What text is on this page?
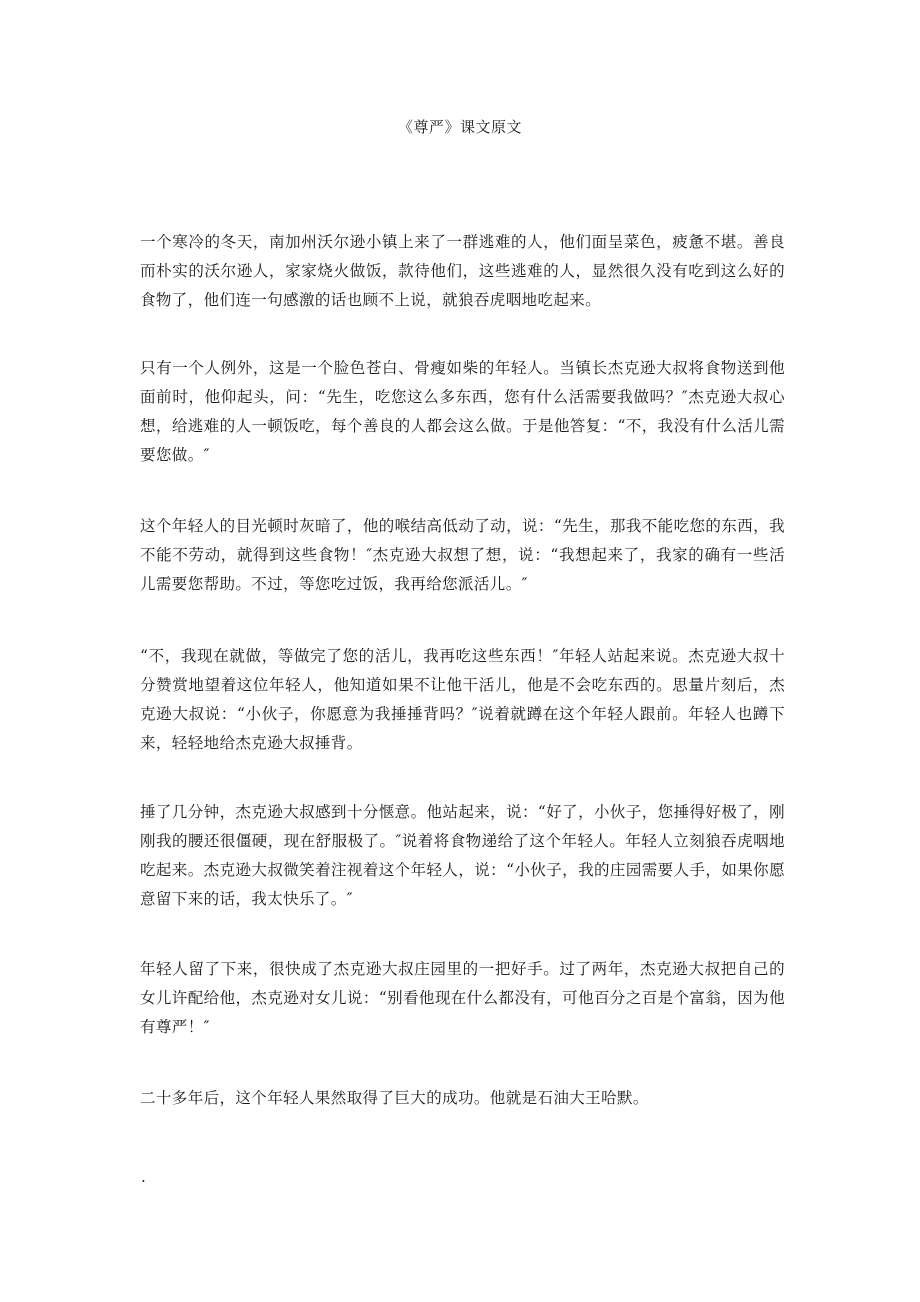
《尊严》课文原文

一个寒冷的冬天，南加州沃尔逊小镇上来了一群逃难的人，他们面呈菜色，疲惫不堪。善良而朴实的沃尔逊人，家家烧火做饭，款待他们，这些逃难的人，显然很久没有吃到这么好的食物了，他们连一句感激的话也顾不上说，就狼吞虎咽地吃起来。

只有一个人例外，这是一个脸色苍白、骨瘦如柴的年轻人。当镇长杰克逊大叔将食物送到他面前时，他仰起头，问：“先生，吃您这么多东西，您有什么活需要我做吗？″杰克逊大叔心想，给逃难的人一顿饭吃，每个善良的人都会这么做。于是他答复：“不，我没有什么活儿需要您做。″

这个年轻人的目光顿时灰暗了，他的喉结高低动了动，说：“先生，那我不能吃您的东西，我不能不劳动，就得到这些食物！″杰克逊大叔想了想，说：“我想起来了，我家的确有一些活儿需要您帮助。不过，等您吃过饭，我再给您派活儿。″

“不，我现在就做，等做完了您的活儿，我再吃这些东西！″年轻人站起来说。杰克逊大叔十分赞赏地望着这位年轻人，他知道如果不让他干活儿，他是不会吃东西的。思量片刻后，杰克逊大叔说：“小伙子，你愿意为我捶捶背吗？″说着就蹲在这个年轻人跟前。年轻人也蹲下来，轻轻地给杰克逊大叔捶背。

捶了几分钟，杰克逊大叔感到十分惬意。他站起来，说：“好了，小伙子，您捶得好极了，刚刚我的腰还很僵硬，现在舒服极了。″说着将食物递给了这个年轻人。年轻人立刻狼吞虎咽地吃起来。杰克逊大叔微笑着注视着这个年轻人，说：“小伙子，我的庄园需要人手，如果你愿意留下来的话，我太快乐了。″

年轻人留了下来，很快成了杰克逊大叔庄园里的一把好手。过了两年，杰克逊大叔把自己的女儿许配给他，杰克逊对女儿说：“别看他现在什么都没有，可他百分之百是个富翁，因为他有尊严！″

二十多年后，这个年轻人果然取得了巨大的成功。他就是石油大王哈默。

.
